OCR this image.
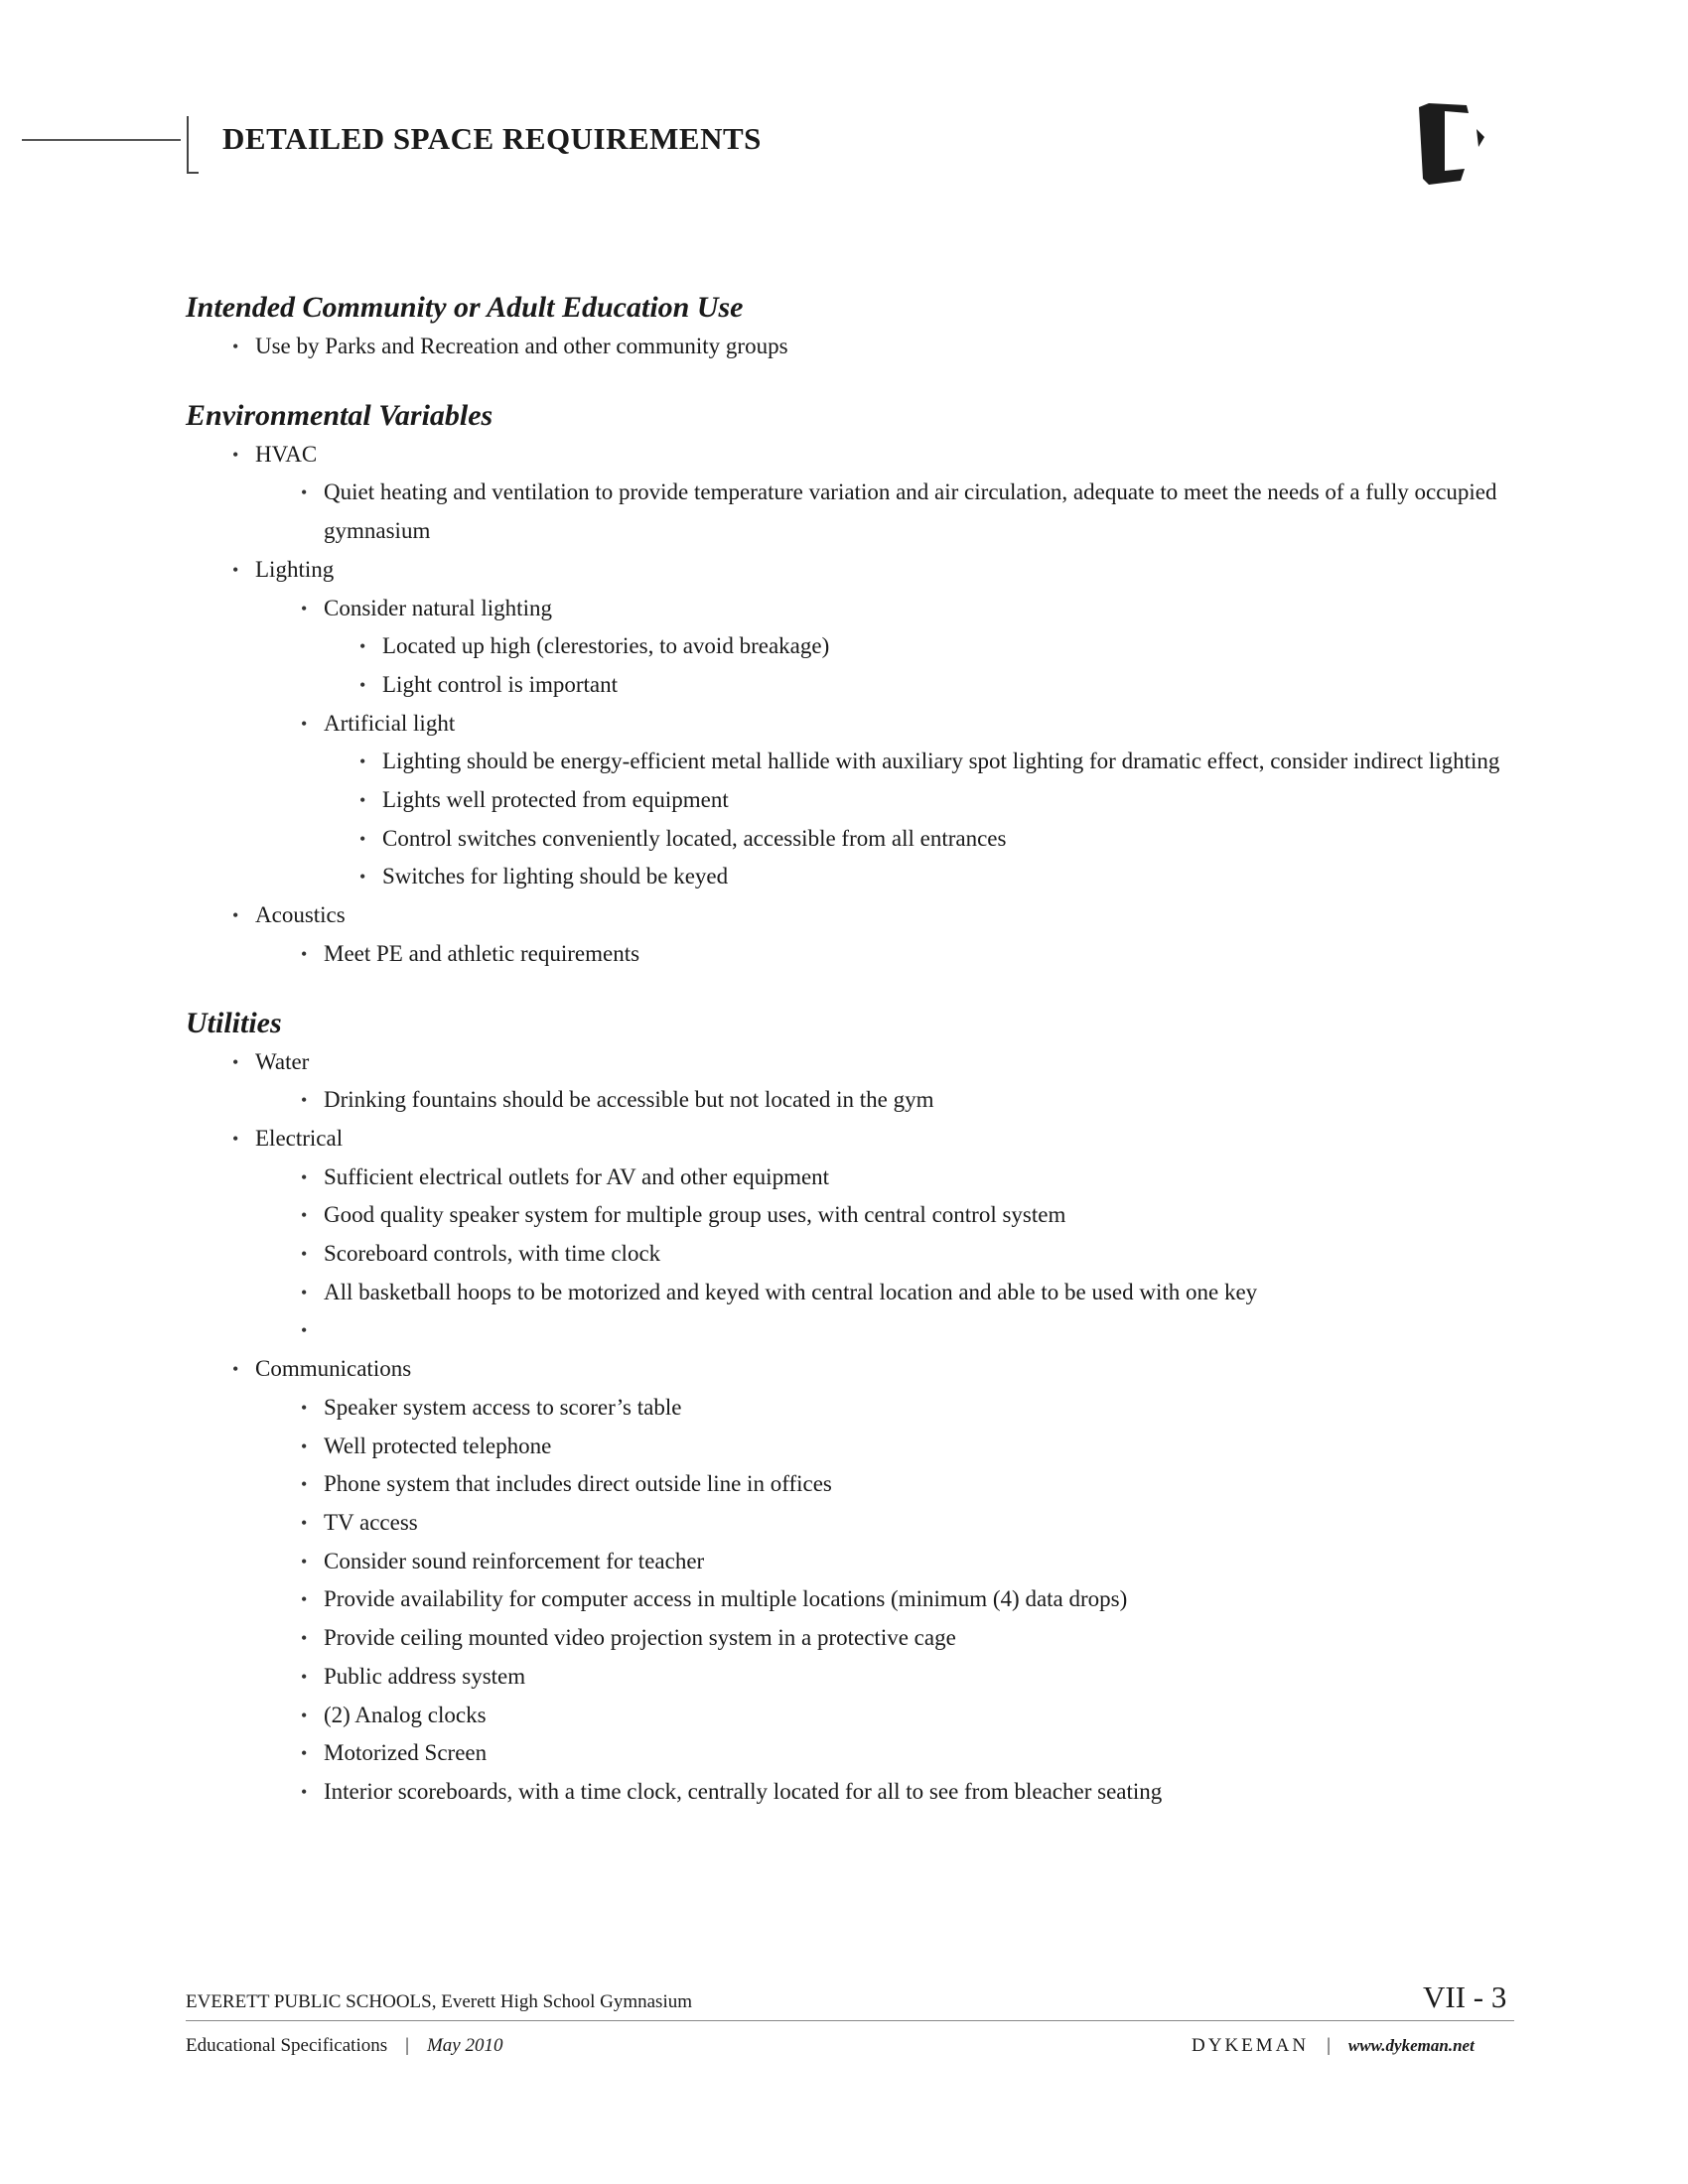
DETAILED SPACE REQUIREMENTS
Intended Community or Adult Education Use
• Use by Parks and Recreation and other community groups
Environmental Variables
• HVAC
• Quiet heating and ventilation to provide temperature variation and air circulation, adequate to meet the needs of a fully occupied gymnasium
• Lighting
• Consider natural lighting
• Located up high (clerestories, to avoid breakage)
• Light control is important
• Artificial light
• Lighting should be energy-efficient metal hallide with auxiliary spot lighting for dramatic effect, consider indirect lighting
• Lights well protected from equipment
• Control switches conveniently located, accessible from all entrances
• Switches for lighting should be keyed
• Acoustics
• Meet PE and athletic requirements
Utilities
• Water
• Drinking fountains should be accessible but not located in the gym
• Electrical
• Sufficient electrical outlets for AV and other equipment
• Good quality speaker system for multiple group uses, with central control system
• Scoreboard controls, with time clock
• All basketball hoops to be motorized and keyed with central location and able to be used with one key
•
• Communications
• Speaker system access to scorer’s table
• Well protected telephone
• Phone system that includes direct outside line in offices
• TV access
• Consider sound reinforcement for teacher
• Provide availability for computer access in multiple locations (minimum (4) data drops)
• Provide ceiling mounted video projection system in a protective cage
• Public address system
• (2) Analog clocks
• Motorized Screen
• Interior scoreboards, with a time clock, centrally located for all to see from bleacher seating
EVERETT PUBLIC SCHOOLS, Everett High School Gymnasium	VII - 3
Educational Specifications | May 2010	DYKEMAN | www.dykeman.net
